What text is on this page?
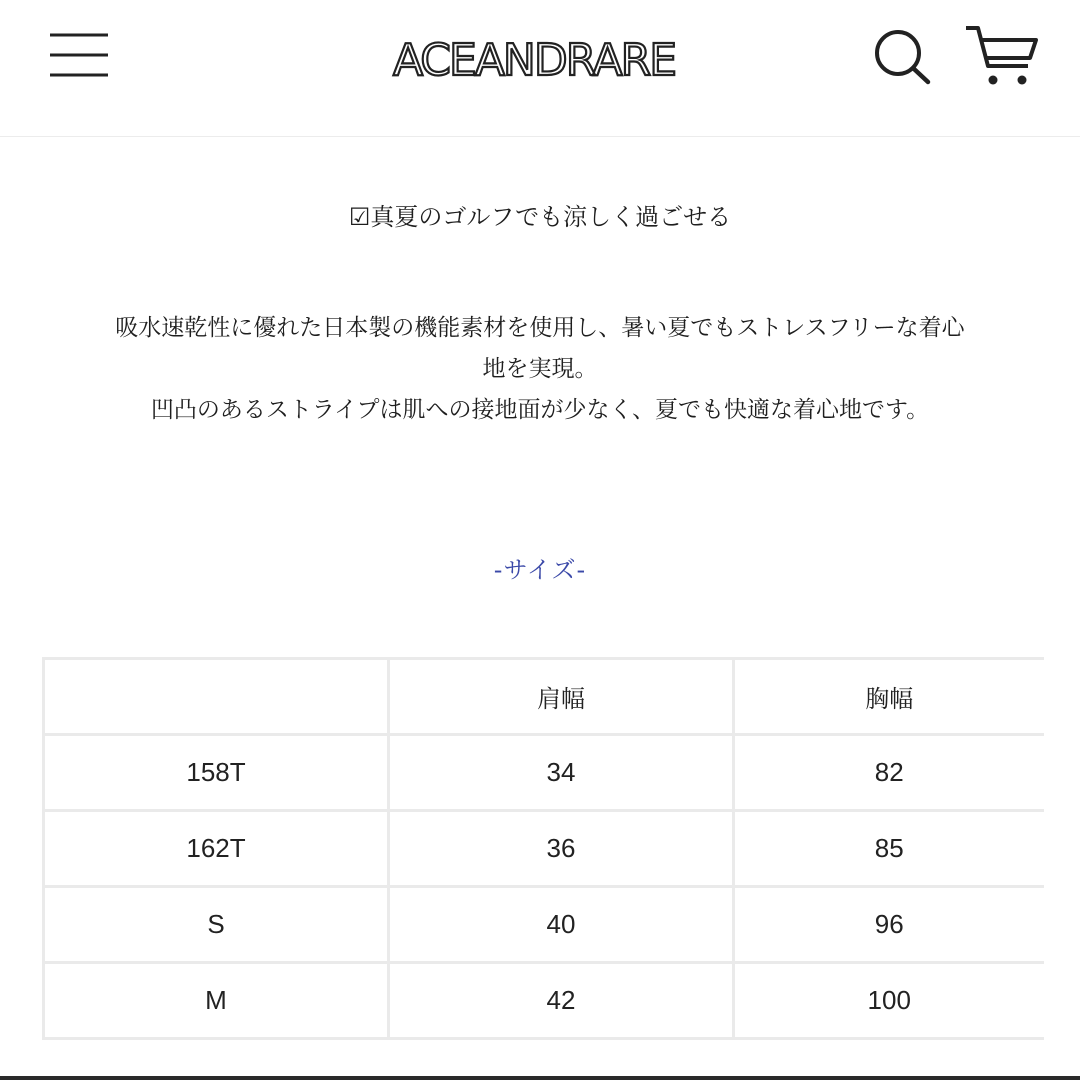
ACEANDRARE
☑真夏のゴルフでも涼しく過ごせる
吸水速乾性に優れた日本製の機能素材を使用し、暑い夏でもストレスフリーな着心
地を実現。
凹凸のあるストライプは肌への接地面が少なく、夏でも快適な着心地です。
-サイズ-
	肩幅	胸幅
158T	34	82
162T	36	85
S	40	96
M	42	100
